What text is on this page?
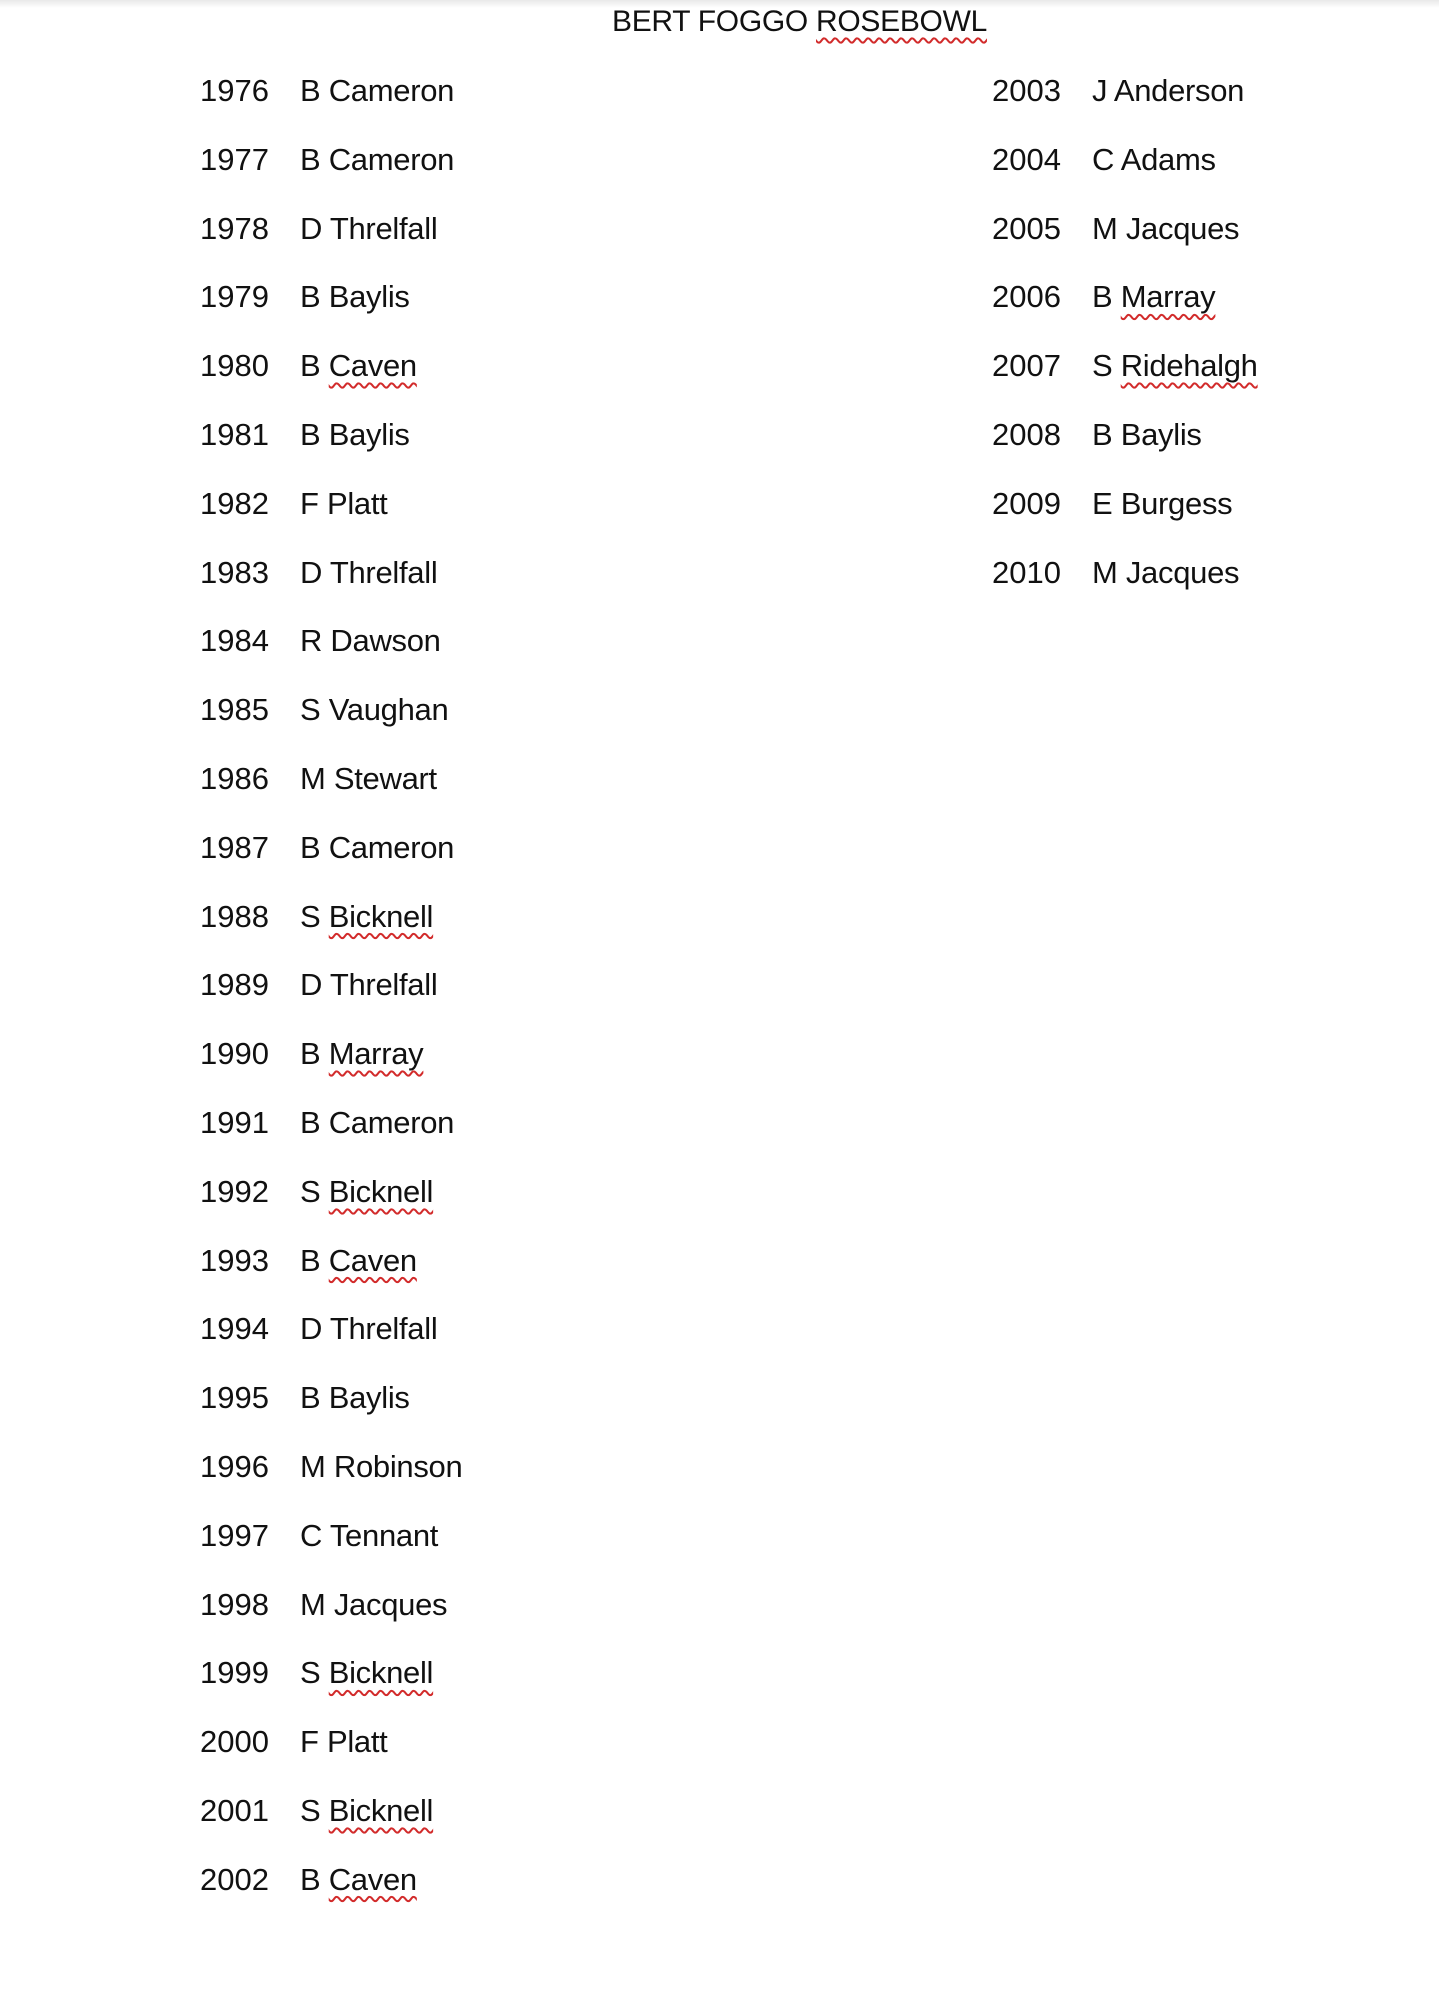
BERT FOGGO ROSEBOWL
1976	B Cameron
1977	B Cameron
1978	D Threlfall
1979	B Baylis
1980	B Caven
1981	B Baylis
1982	F Platt
1983	D Threlfall
1984	R Dawson
1985	S Vaughan
1986	M Stewart
1987	B Cameron
1988	S Bicknell
1989	D Threlfall
1990	B Marray
1991	B Cameron
1992	S Bicknell
1993	B Caven
1994	D Threlfall
1995	B Baylis
1996	M Robinson
1997	C Tennant
1998	M Jacques
1999	S Bicknell
2000	F Platt
2001	S Bicknell
2002	B Caven
2003	J Anderson
2004	C Adams
2005	M Jacques
2006	B Marray
2007	S Ridehalgh
2008	B Baylis
2009	E Burgess
2010	M Jacques
